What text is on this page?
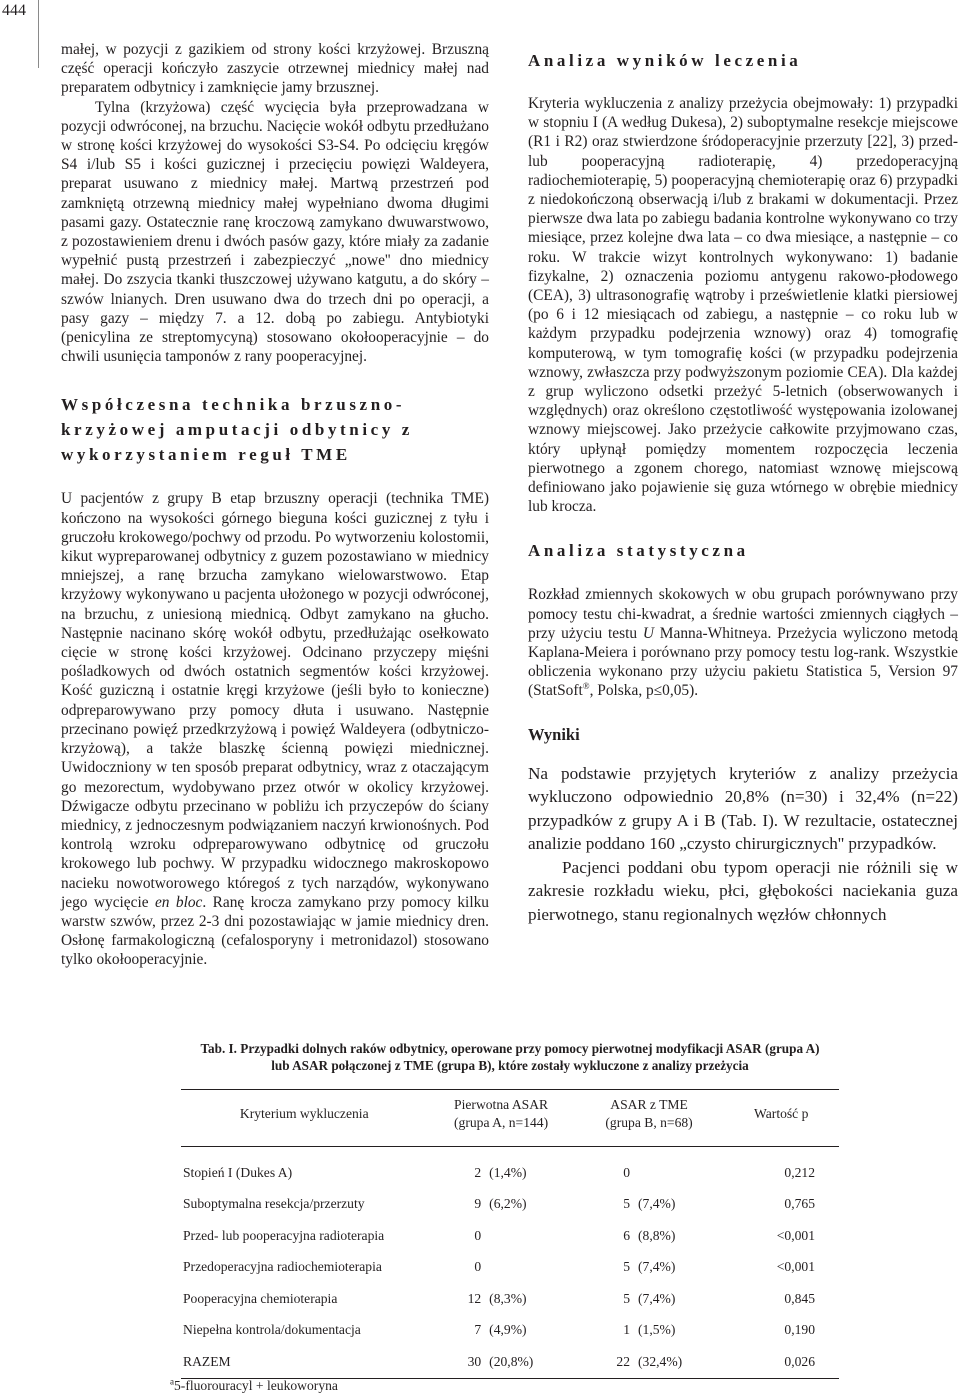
444

małej, w pozycji z gazikiem od strony kości krzyżowej. Brzuszną część operacji kończyło zaszycie otrzewnej miednicy małej nad preparatem odbytnicy i zamknięcie jamy brzusznej.

Tylna (krzyżowa) część wycięcia była przeprowadzana w pozycji odwróconej, na brzuchu. Nacięcie wokół odbytu przedłużano w stronę kości krzyżowej do wysokości S3-S4. Po odcięciu kręgów S4 i/lub S5 i kości guzicznej i przecięciu powięzi Waldeyera, preparat usuwano z miednicy małej. Martwą przestrzeń pod zamkniętą otrzewną miednicy małej wypełniano dwoma długimi pasami gazy. Ostatecznie ranę kroczową zamykano dwuwarstwowo, z pozostawieniem drenu i dwóch pasów gazy, które miały za zadanie wypełnić pustą przestrzeń i zabezpieczyć „nowe'' dno miednicy małej. Do zszycia tkanki tłuszczowej używano katgutu, a do skóry – szwów lnianych. Dren usuwano dwa do trzech dni po operacji, a pasy gazy – między 7. a 12. dobą po zabiegu. Antybiotyki (penicylina ze streptomycyną) stosowano okołooperacyjnie – do chwili usunięcia tamponów z rany pooperacyjnej.

Współczesna technika brzuszno-krzyżowej amputacji odbytnicy z wykorzystaniem reguł TME

U pacjentów z grupy B etap brzuszny operacji (technika TME) kończono na wysokości górnego bieguna kości guzicznej z tyłu i gruczołu krokowego/pochwy od przodu. Po wytworzeniu kolostomii, kikut wypreparowanej odbytnicy z guzem pozostawiano w miednicy mniejszej, a ranę brzucha zamykano wielowarstwowo. Etap krzyżowy wykonywano u pacjenta ułożonego w pozycji odwróconej, na brzuchu, z uniesioną miednicą. Odbyt zamykano na głucho. Następnie nacinano skórę wokół odbytu, przedłużając osełkowato cięcie w stronę kości krzyżowej. Odcinano przyczepy mięśni pośladkowych od dwóch ostatnich segmentów kości krzyżowej. Kość guziczną i ostatnie kręgi krzyżowe (jeśli było to konieczne) odpreparowywano przy pomocy dłuta i usuwano. Następnie przecinano powięź przedkrzyżową i powięź Waldeyera (odbytniczo-krzyżową), a także blaszkę ścienną powięzi miednicznej. Uwidoczniony w ten sposób preparat odbytnicy, wraz z otaczającym go mezorectum, wydobywano przez otwór w okolicy krzyżowej. Dźwigacze odbytu przecinano w pobliżu ich przyczepów do ściany miednicy, z jednoczesnym podwiązaniem naczyń krwionośnych. Pod kontrolą wzroku odpreparowywano odbytnicę od gruczołu krokowego lub pochwy. W przypadku widocznego makroskopowo nacieku nowotworowego któregoś z tych narządów, wykonywano jego wycięcie en bloc. Ranę krocza zamykano przy pomocy kilku warstw szwów, przez 2-3 dni pozostawiając w jamie miednicy dren. Osłonę farmakologiczną (cefalosporyny i metronidazol) stosowano tylko okołooperacyjnie.

Analiza wyników leczenia

Kryteria wykluczenia z analizy przeżycia obejmowały: 1) przypadki w stopniu I (A według Dukesa), 2) suboptymalne resekcje miejscowe (R1 i R2) oraz stwierdzone śródoperacyjnie przerzuty [22], 3) przed- lub pooperacyjną radioterapię, 4) przedoperacyjną radiochemioterapię, 5) pooperacyjną chemioterapię oraz 6) przypadki z niedokończoną obserwacją i/lub z brakami w dokumentacji. Przez pierwsze dwa lata po zabiegu badania kontrolne wykonywano co trzy miesiące, przez kolejne dwa lata – co dwa miesiące, a następnie – co roku. W trakcie wizyt kontrolnych wykonywano: 1) badanie fizykalne, 2) oznaczenia poziomu antygenu rakowo-płodowego (CEA), 3) ultrasonografię wątroby i prześwietlenie klatki piersiowej (po 6 i 12 miesiącach od zabiegu, a następnie – co roku lub w każdym przypadku podejrzenia wznowy) oraz 4) tomografię komputerową, w tym tomografię kości (w przypadku podejrzenia wznowy, zwłaszcza przy podwyższonym poziomie CEA). Dla każdej z grup wyliczono odsetki przeżyć 5-letnich (obserwowanych i względnych) oraz określono częstotliwość występowania izolowanej wznowy miejscowej. Jako przeżycie całkowite przyjmowano czas, który upłynął pomiędzy momentem rozpoczęcia leczenia pierwotnego a zgonem chorego, natomiast wznowę miejscową definiowano jako pojawienie się guza wtórnego w obrębie miednicy lub krocza.

Analiza statystyczna

Rozkład zmiennych skokowych w obu grupach porównywano przy pomocy testu chi-kwadrat, a średnie wartości zmiennych ciągłych – przy użyciu testu U Manna-Whitneya. Przeżycia wyliczono metodą Kaplana-Meiera i porównano przy pomocy testu log-rank. Wszystkie obliczenia wykonano przy użyciu pakietu Statistica 5, Version 97 (StatSoft®, Polska, p≤0,05).

Wyniki

Na podstawie przyjętych kryteriów z analizy przeżycia wykluczono odpowiednio 20,8% (n=30) i 32,4% (n=22) przypadków z grupy A i B (Tab. I). W rezultacie, ostatecznej analizie poddano 160 „czysto chirurgicznych'' przypadków.

Pacjenci poddani obu typom operacji nie różnili się w zakresie rozkładu wieku, płci, głębokości naciekania guza pierwotnego, stanu regionalnych węzłów chłonnych

Tab. I. Przypadki dolnych raków odbytnicy, operowane przy pomocy pierwotnej modyfikacji ASAR (grupa A)
lub ASAR połączonej z TME (grupa B), które zostały wykluczone z analizy przeżycia

Kryterium wykluczenia	Pierwotna ASAR
(grupa A, n=144)		ASAR z TME
(grupa B, n=68)		Wartość p
Stopień I (Dukes A)	2	(1,4%)	0		0,212
Suboptymalna resekcja/przerzuty	9	(6,2%)	5	(7,4%)	0,765
Przed- lub pooperacyjna radioterapia	0		6	(8,8%)	<0,001
Przedoperacyjna radiochemioterapia	0		5	(7,4%)	<0,001
Pooperacyjna chemioterapia	12	(8,3%)	5	(7,4%)	0,845
Niepełna kontrola/dokumentacja	7	(4,9%)	1	(1,5%)	0,190
RAZEM	30	(20,8%)	22	(32,4%)	0,026
$^a$5-fluorouracyl + leukoworyna
